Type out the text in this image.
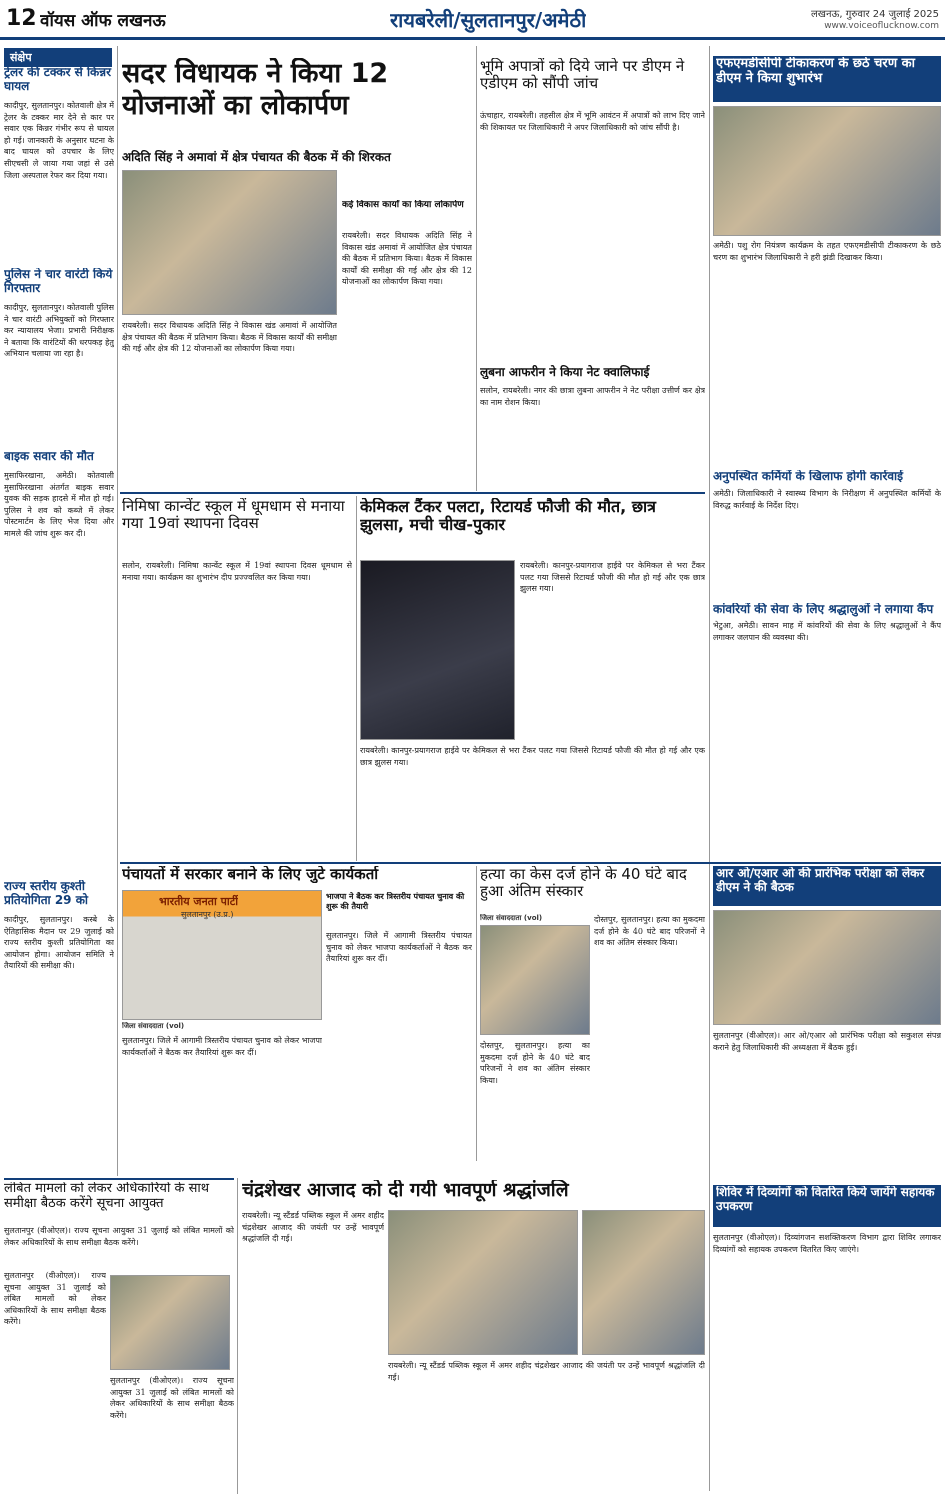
12 वॉयस ऑफ लखनऊ	रायबरेली/सुलतानपुर/अमेठी	लखनऊ, गुरुवार 24 जुलाई 2025
www.voiceoflucknow.com
संक्षेप
ट्रेलर की टक्कर से किन्नर घायल
कादीपुर, सुलतानपुर। कोतवाली क्षेत्र में ट्रेलर के टक्कर मार देने से कार पर सवार एक किन्नर गंभीर रूप से घायल हो गई। जानकारी के अनुसार घटना के बाद घायल को उपचार के लिए सीएचसी ले जाया गया जहां से उसे जिला अस्पताल रेफर कर दिया गया।
पुलिस ने चार वारंटी किये गिरफ्तार
कादीपुर, सुलतानपुर। कोतवाली पुलिस ने चार वारंटी अभियुक्तों को गिरफ्तार कर न्यायालय भेजा। प्रभारी निरीक्षक ने बताया कि वारंटियों की धरपकड़ हेतु अभियान चलाया जा रहा है।
बाइक सवार की मौत
मुसाफिरखाना, अमेठी। कोतवाली मुसाफिरखाना अंतर्गत बाइक सवार युवक की सड़क हादसे में मौत हो गई। पुलिस ने शव को कब्जे में लेकर पोस्टमार्टम के लिए भेज दिया और मामले की जांच शुरू कर दी।
राज्य स्तरीय कुश्ती प्रतियोगिता 29 को
कादीपुर, सुलतानपुर। कस्बे के ऐतिहासिक मैदान पर 29 जुलाई को राज्य स्तरीय कुश्ती प्रतियोगिता का आयोजन होगा। आयोजन समिति ने तैयारियों की समीक्षा की।
सदर विधायक ने किया 12 योजनाओं का लोकार्पण
अदिति सिंह ने अमावां में क्षेत्र पंचायत की बैठक में की शिरकत
रायबरेली। सदर विधायक अदिति सिंह ने विकास खंड अमावां में आयोजित क्षेत्र पंचायत की बैठक में प्रतिभाग किया। बैठक में विकास कार्यों की समीक्षा की गई और क्षेत्र की 12 योजनाओं का लोकार्पण किया गया।
कई विकास कार्यों का किया लोकार्पण
रायबरेली। सदर विधायक अदिति सिंह ने विकास खंड अमावां में आयोजित क्षेत्र पंचायत की बैठक में प्रतिभाग किया। बैठक में विकास कार्यों की समीक्षा की गई और क्षेत्र की 12 योजनाओं का लोकार्पण किया गया।
भूमि अपात्रों को दिये जाने पर डीएम ने एडीएम को सौंपी जांच
ऊंचाहार, रायबरेली। तहसील क्षेत्र में भूमि आवंटन में अपात्रों को लाभ दिए जाने की शिकायत पर जिलाधिकारी ने अपर जिलाधिकारी को जांच सौंपी है।
लुबना आफरीन ने किया नेट क्वालिफाई
सलोन, रायबरेली। नगर की छात्रा लुबना आफरीन ने नेट परीक्षा उत्तीर्ण कर क्षेत्र का नाम रोशन किया।
एफएमडीसीपी टीकाकरण के छठे चरण का डीएम ने किया शुभारंभ
अमेठी। पशु रोग नियंत्रण कार्यक्रम के तहत एफएमडीसीपी टीकाकरण के छठे चरण का शुभारंभ जिलाधिकारी ने हरी झंडी दिखाकर किया।
निमिषा कान्वेंट स्कूल में धूमधाम से मनाया गया 19वां स्थापना दिवस
सलोन, रायबरेली। निमिषा कान्वेंट स्कूल में 19वां स्थापना दिवस धूमधाम से मनाया गया। कार्यक्रम का शुभारंभ दीप प्रज्ज्वलित कर किया गया।
केमिकल टैंकर पलटा, रिटायर्ड फौजी की मौत, छात्र झुलसा, मची चीख-पुकार
रायबरेली। कानपुर-प्रयागराज हाईवे पर केमिकल से भरा टैंकर पलट गया जिससे रिटायर्ड फौजी की मौत हो गई और एक छात्र झुलस गया।
रायबरेली। कानपुर-प्रयागराज हाईवे पर केमिकल से भरा टैंकर पलट गया जिससे रिटायर्ड फौजी की मौत हो गई और एक छात्र झुलस गया।
अनुपस्थित कर्मियों के खिलाफ होगी कार्रवाई
अमेठी। जिलाधिकारी ने स्वास्थ्य विभाग के निरीक्षण में अनुपस्थित कर्मियों के विरुद्ध कार्रवाई के निर्देश दिए।
कांवरियों की सेवा के लिए श्रद्धालुओं ने लगाया कैंप
भेटुआ, अमेठी। सावन माह में कांवरियों की सेवा के लिए श्रद्धालुओं ने कैंप लगाकर जलपान की व्यवस्था की।
पंचायतों में सरकार बनाने के लिए जुटे कार्यकर्ता
भारतीय जनता पार्टी
सुलतानपुर (उ.प्र.)
जिला संवाददाता (vol)
भाजपा ने बैठक कर त्रिस्तरीय पंचायत चुनाव की शुरू की तैयारी
सुलतानपुर। जिले में आगामी त्रिस्तरीय पंचायत चुनाव को लेकर भाजपा कार्यकर्ताओं ने बैठक कर तैयारियां शुरू कर दीं।
सुलतानपुर। जिले में आगामी त्रिस्तरीय पंचायत चुनाव को लेकर भाजपा कार्यकर्ताओं ने बैठक कर तैयारियां शुरू कर दीं।
हत्या का केस दर्ज होने के 40 घंटे बाद हुआ अंतिम संस्कार
जिला संवाददाता (vol)	दोस्तपुर, सुलतानपुर। हत्या का मुकदमा दर्ज होने के 40 घंटे बाद परिजनों ने शव का अंतिम संस्कार किया।
दोस्तपुर, सुलतानपुर। हत्या का मुकदमा दर्ज होने के 40 घंटे बाद परिजनों ने शव का अंतिम संस्कार किया।
आर ओ/एआर ओ की प्रारंभिक परीक्षा को लेकर डीएम ने की बैठक
सुलतानपुर (वीओएल)। आर ओ/एआर ओ प्रारंभिक परीक्षा को सकुशल संपन्न कराने हेतु जिलाधिकारी की अध्यक्षता में बैठक हुई।
लंबित मामलों को लेकर अधिकारियों के साथ समीक्षा बैठक करेंगे सूचना आयुक्त
सुलतानपुर (वीओएल)। राज्य सूचना आयुक्त 31 जुलाई को लंबित मामलों को लेकर अधिकारियों के साथ समीक्षा बैठक करेंगे।
सुलतानपुर (वीओएल)। राज्य सूचना आयुक्त 31 जुलाई को लंबित मामलों को लेकर अधिकारियों के साथ समीक्षा बैठक करेंगे।
सुलतानपुर (वीओएल)। राज्य सूचना आयुक्त 31 जुलाई को लंबित मामलों को लेकर अधिकारियों के साथ समीक्षा बैठक करेंगे।
चंद्रशेखर आजाद को दी गयी भावपूर्ण श्रद्धांजलि
रायबरेली। न्यू स्टैंडर्ड पब्लिक स्कूल में अमर शहीद चंद्रशेखर आजाद की जयंती पर उन्हें भावपूर्ण श्रद्धांजलि दी गई।
रायबरेली। न्यू स्टैंडर्ड पब्लिक स्कूल में अमर शहीद चंद्रशेखर आजाद की जयंती पर उन्हें भावपूर्ण श्रद्धांजलि दी गई।
शिविर में दिव्यांगों को वितरित किये जायेंगे सहायक उपकरण
सुलतानपुर (वीओएल)। दिव्यांगजन सशक्तिकरण विभाग द्वारा शिविर लगाकर दिव्यांगों को सहायक उपकरण वितरित किए जाएंगे।
